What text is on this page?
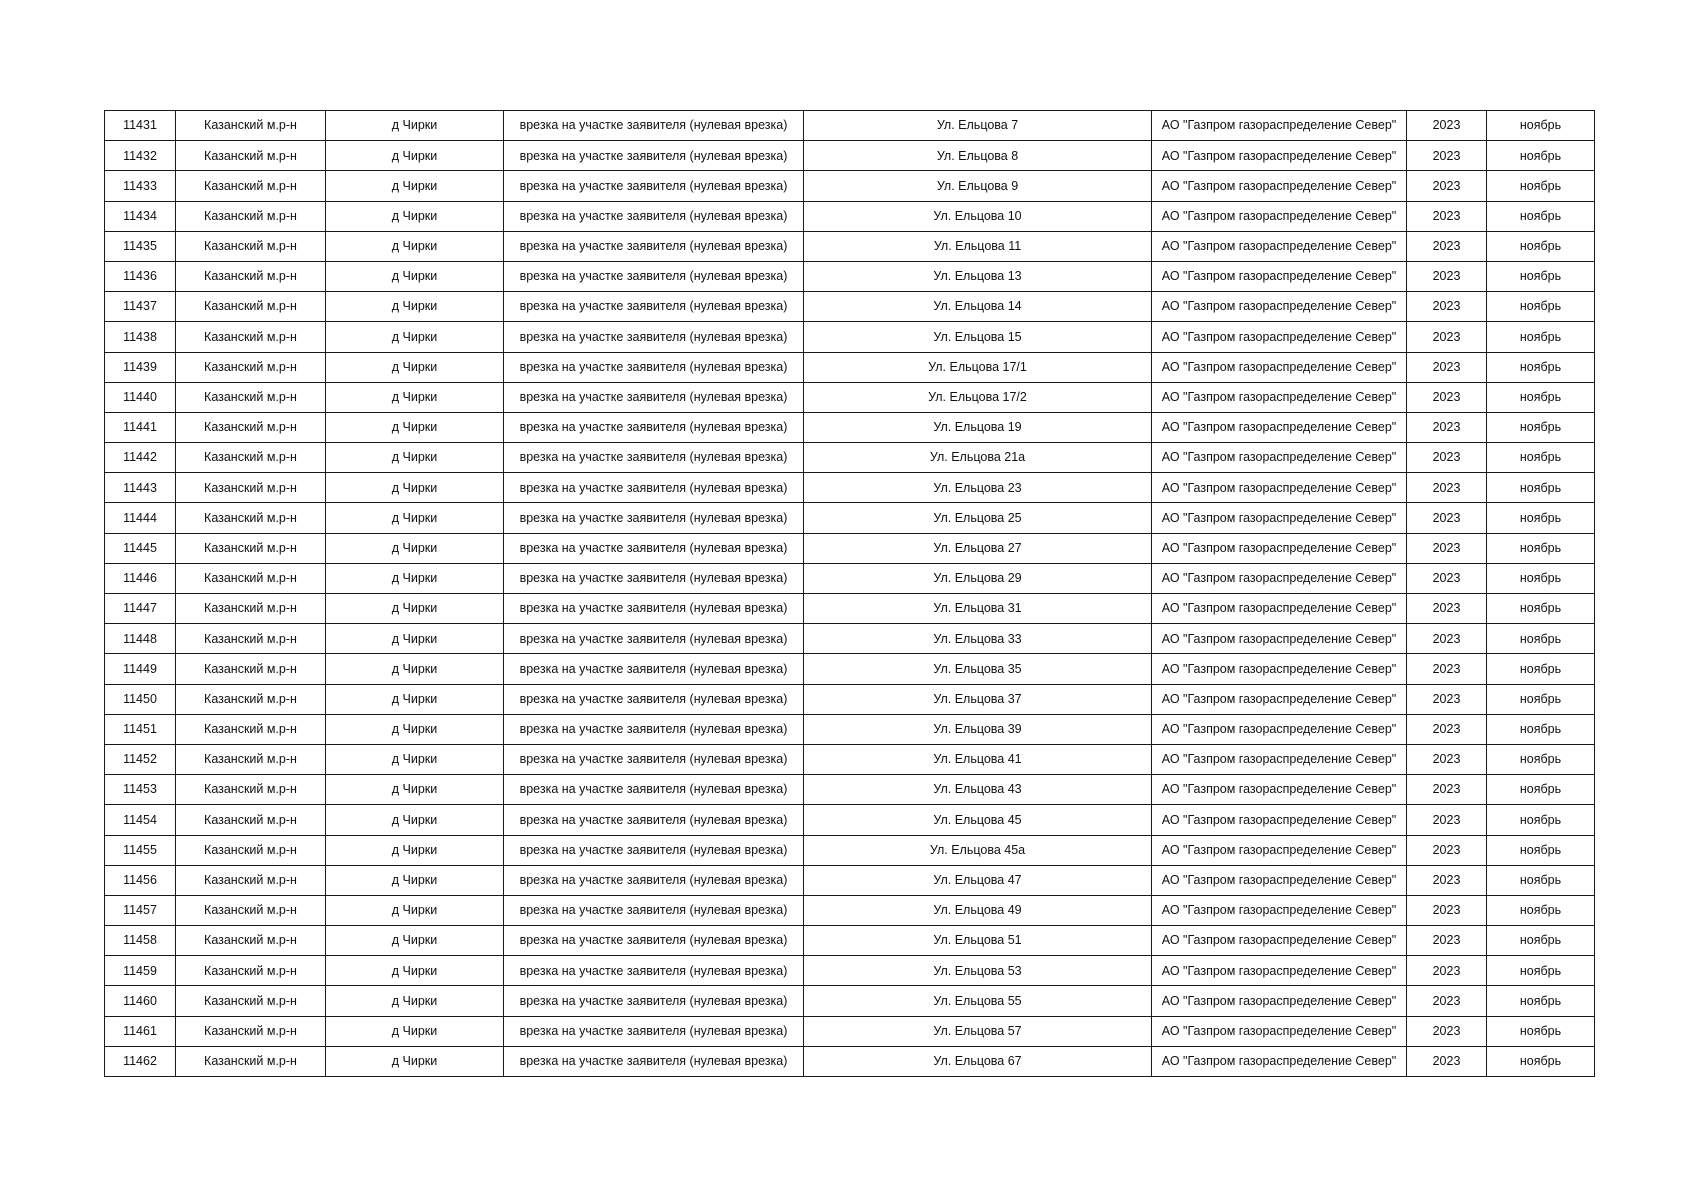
11431	Казанский м.р-н	д Чирки	врезка на участке заявителя (нулевая врезка)	Ул. Ельцова 7	АО "Газпром газораспределение Север"	2023	ноябрь
11432	Казанский м.р-н	д Чирки	врезка на участке заявителя (нулевая врезка)	Ул. Ельцова 8	АО "Газпром газораспределение Север"	2023	ноябрь
11433	Казанский м.р-н	д Чирки	врезка на участке заявителя (нулевая врезка)	Ул. Ельцова 9	АО "Газпром газораспределение Север"	2023	ноябрь
11434	Казанский м.р-н	д Чирки	врезка на участке заявителя (нулевая врезка)	Ул. Ельцова 10	АО "Газпром газораспределение Север"	2023	ноябрь
11435	Казанский м.р-н	д Чирки	врезка на участке заявителя (нулевая врезка)	Ул. Ельцова 11	АО "Газпром газораспределение Север"	2023	ноябрь
11436	Казанский м.р-н	д Чирки	врезка на участке заявителя (нулевая врезка)	Ул. Ельцова 13	АО "Газпром газораспределение Север"	2023	ноябрь
11437	Казанский м.р-н	д Чирки	врезка на участке заявителя (нулевая врезка)	Ул. Ельцова 14	АО "Газпром газораспределение Север"	2023	ноябрь
11438	Казанский м.р-н	д Чирки	врезка на участке заявителя (нулевая врезка)	Ул. Ельцова 15	АО "Газпром газораспределение Север"	2023	ноябрь
11439	Казанский м.р-н	д Чирки	врезка на участке заявителя (нулевая врезка)	Ул. Ельцова 17/1	АО "Газпром газораспределение Север"	2023	ноябрь
11440	Казанский м.р-н	д Чирки	врезка на участке заявителя (нулевая врезка)	Ул. Ельцова 17/2	АО "Газпром газораспределение Север"	2023	ноябрь
11441	Казанский м.р-н	д Чирки	врезка на участке заявителя (нулевая врезка)	Ул. Ельцова 19	АО "Газпром газораспределение Север"	2023	ноябрь
11442	Казанский м.р-н	д Чирки	врезка на участке заявителя (нулевая врезка)	Ул. Ельцова 21а	АО "Газпром газораспределение Север"	2023	ноябрь
11443	Казанский м.р-н	д Чирки	врезка на участке заявителя (нулевая врезка)	Ул. Ельцова 23	АО "Газпром газораспределение Север"	2023	ноябрь
11444	Казанский м.р-н	д Чирки	врезка на участке заявителя (нулевая врезка)	Ул. Ельцова 25	АО "Газпром газораспределение Север"	2023	ноябрь
11445	Казанский м.р-н	д Чирки	врезка на участке заявителя (нулевая врезка)	Ул. Ельцова 27	АО "Газпром газораспределение Север"	2023	ноябрь
11446	Казанский м.р-н	д Чирки	врезка на участке заявителя (нулевая врезка)	Ул. Ельцова 29	АО "Газпром газораспределение Север"	2023	ноябрь
11447	Казанский м.р-н	д Чирки	врезка на участке заявителя (нулевая врезка)	Ул. Ельцова 31	АО "Газпром газораспределение Север"	2023	ноябрь
11448	Казанский м.р-н	д Чирки	врезка на участке заявителя (нулевая врезка)	Ул. Ельцова 33	АО "Газпром газораспределение Север"	2023	ноябрь
11449	Казанский м.р-н	д Чирки	врезка на участке заявителя (нулевая врезка)	Ул. Ельцова 35	АО "Газпром газораспределение Север"	2023	ноябрь
11450	Казанский м.р-н	д Чирки	врезка на участке заявителя (нулевая врезка)	Ул. Ельцова 37	АО "Газпром газораспределение Север"	2023	ноябрь
11451	Казанский м.р-н	д Чирки	врезка на участке заявителя (нулевая врезка)	Ул. Ельцова 39	АО "Газпром газораспределение Север"	2023	ноябрь
11452	Казанский м.р-н	д Чирки	врезка на участке заявителя (нулевая врезка)	Ул. Ельцова 41	АО "Газпром газораспределение Север"	2023	ноябрь
11453	Казанский м.р-н	д Чирки	врезка на участке заявителя (нулевая врезка)	Ул. Ельцова 43	АО "Газпром газораспределение Север"	2023	ноябрь
11454	Казанский м.р-н	д Чирки	врезка на участке заявителя (нулевая врезка)	Ул. Ельцова 45	АО "Газпром газораспределение Север"	2023	ноябрь
11455	Казанский м.р-н	д Чирки	врезка на участке заявителя (нулевая врезка)	Ул. Ельцова 45а	АО "Газпром газораспределение Север"	2023	ноябрь
11456	Казанский м.р-н	д Чирки	врезка на участке заявителя (нулевая врезка)	Ул. Ельцова 47	АО "Газпром газораспределение Север"	2023	ноябрь
11457	Казанский м.р-н	д Чирки	врезка на участке заявителя (нулевая врезка)	Ул. Ельцова 49	АО "Газпром газораспределение Север"	2023	ноябрь
11458	Казанский м.р-н	д Чирки	врезка на участке заявителя (нулевая врезка)	Ул. Ельцова 51	АО "Газпром газораспределение Север"	2023	ноябрь
11459	Казанский м.р-н	д Чирки	врезка на участке заявителя (нулевая врезка)	Ул. Ельцова 53	АО "Газпром газораспределение Север"	2023	ноябрь
11460	Казанский м.р-н	д Чирки	врезка на участке заявителя (нулевая врезка)	Ул. Ельцова 55	АО "Газпром газораспределение Север"	2023	ноябрь
11461	Казанский м.р-н	д Чирки	врезка на участке заявителя (нулевая врезка)	Ул. Ельцова 57	АО "Газпром газораспределение Север"	2023	ноябрь
11462	Казанский м.р-н	д Чирки	врезка на участке заявителя (нулевая врезка)	Ул. Ельцова 67	АО "Газпром газораспределение Север"	2023	ноябрь
